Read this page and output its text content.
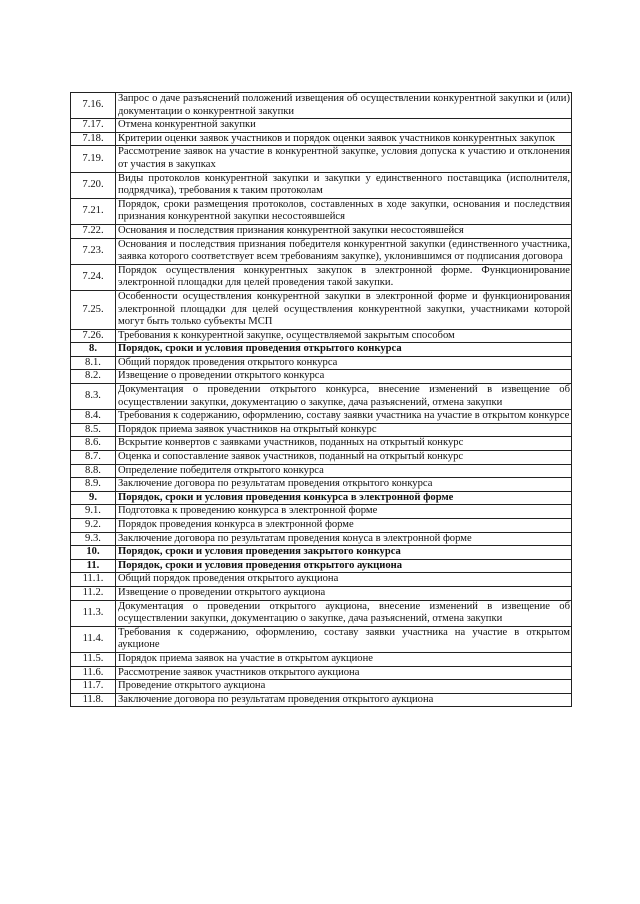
7.16.	Запрос о даче разъяснений положений извещения об осуществлении конкурентной закупки и (или) документации о конкурентной закупки
7.17.	Отмена конкурентной закупки
7.18.	Критерии оценки заявок участников и порядок оценки заявок участников конкурентных закупок
7.19.	Рассмотрение заявок на участие в конкурентной закупке, условия допуска к участию и отклонения от участия в закупках
7.20.	Виды протоколов конкурентной закупки и закупки у единственного поставщика (исполнителя, подрядчика), требования к таким протоколам
7.21.	Порядок, сроки размещения протоколов, составленных в ходе закупки, основания и последствия признания конкурентной закупки несостоявшейся
7.22.	Основания и последствия признания конкурентной закупки несостоявшейся
7.23.	Основания и последствия признания победителя конкурентной закупки (единственного участника, заявка которого соответствует всем требованиям закупке), уклонившимся от подписания договора
7.24.	Порядок осуществления конкурентных закупок в электронной форме. Функционирование электронной площадки для целей проведения такой закупки.
7.25.	Особенности осуществления конкурентной закупки в электронной форме и функционирования электронной площадки для целей осуществления конкурентной закупки, участниками которой могут быть только субъекты МСП
7.26.	Требования к конкурентной закупке, осуществляемой закрытым способом
8.	Порядок, сроки и условия проведения открытого конкурса
8.1.	Общий порядок проведения открытого конкурса
8.2.	Извещение о проведении открытого конкурса
8.3.	Документация о проведении открытого конкурса, внесение изменений в извещение об осуществлении закупки, документацию о закупке, дача разъяснений, отмена закупки
8.4.	Требования к содержанию, оформлению, составу заявки участника на участие в открытом конкурсе
8.5.	Порядок приема заявок участников на открытый конкурс
8.6.	Вскрытие конвертов с заявками участников, поданных на открытый конкурс
8.7.	Оценка и сопоставление заявок участников, поданный на открытый конкурс
8.8.	Определение победителя открытого конкурса
8.9.	Заключение договора по результатам проведения открытого конкурса
9.	Порядок, сроки и условия проведения конкурса в электронной форме
9.1.	Подготовка к проведению конкурса в электронной форме
9.2.	Порядок проведения конкурса в электронной форме
9.3.	Заключение договора по результатам проведения конуса в электронной форме
10.	Порядок, сроки и условия проведения закрытого конкурса
11.	Порядок, сроки и условия проведения открытого аукциона
11.1.	Общий порядок проведения открытого аукциона
11.2.	Извещение о проведении открытого аукциона
11.3.	Документация о проведении открытого аукциона, внесение изменений в извещение об осуществлении закупки, документацию о закупке, дача разъяснений, отмена закупки
11.4.	Требования к содержанию, оформлению, составу заявки участника на участие в открытом аукционе
11.5.	Порядок приема заявок на участие в открытом аукционе
11.6.	Рассмотрение заявок участников открытого аукциона
11.7.	Проведение открытого аукциона
11.8.	Заключение договора по результатам проведения открытого аукциона
